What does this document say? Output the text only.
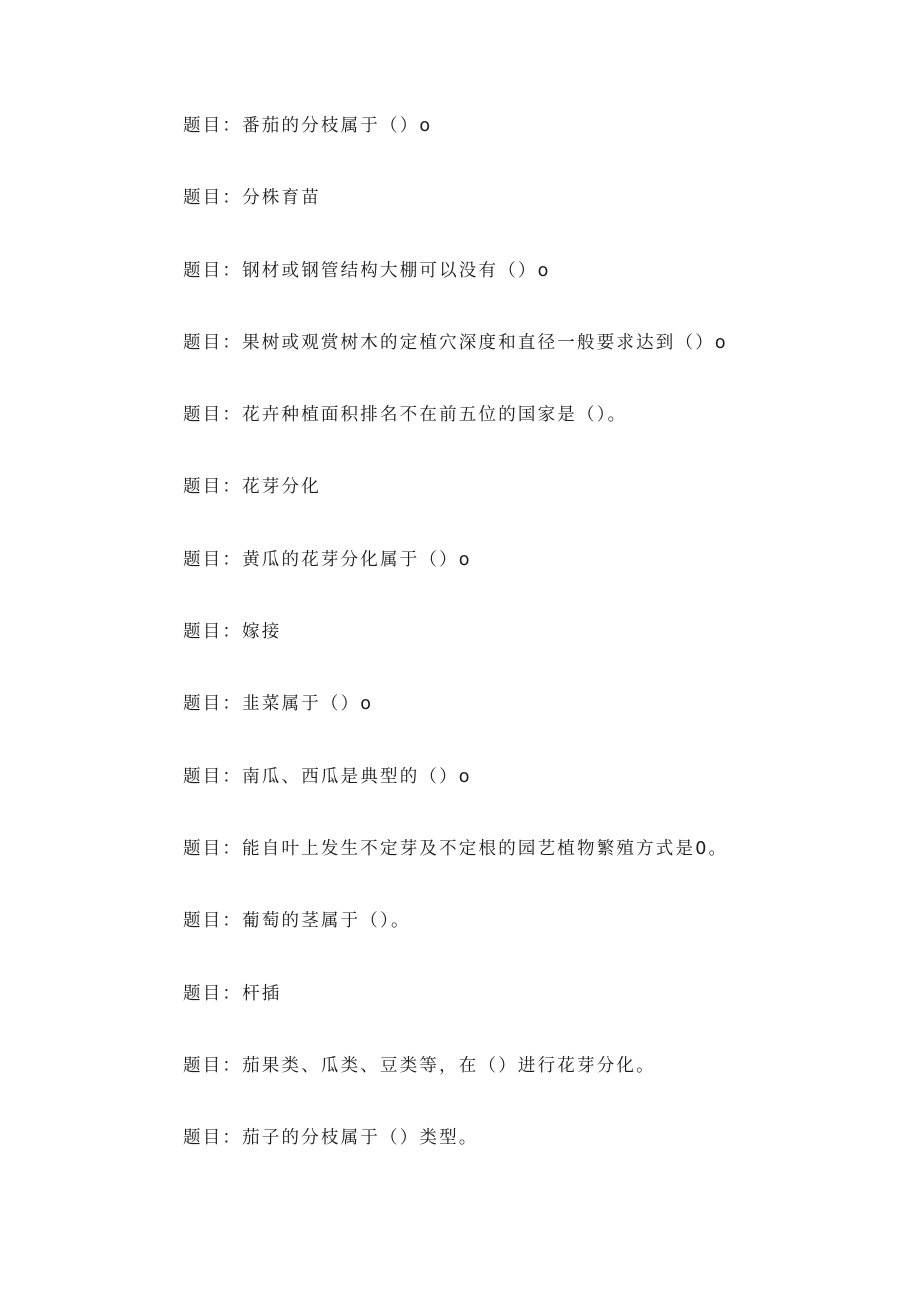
题目：番茄的分枝属于（）o
题目：分株育苗
题目：钢材或钢管结构大棚可以没有（）o
题目：果树或观赏树木的定植穴深度和直径一般要求达到（）o
题目：花卉种植面积排名不在前五位的国家是（）。
题目：花芽分化
题目：黄瓜的花芽分化属于（）o
题目：嫁接
题目：韭菜属于（）o
题目：南瓜、西瓜是典型的（）o
题目：能自叶上发生不定芽及不定根的园艺植物繁殖方式是0。
题目：葡萄的茎属于（）。
题目：杆插
题目：茄果类、瓜类、豆类等，在（）进行花芽分化。
题目：茄子的分枝属于（）类型。
